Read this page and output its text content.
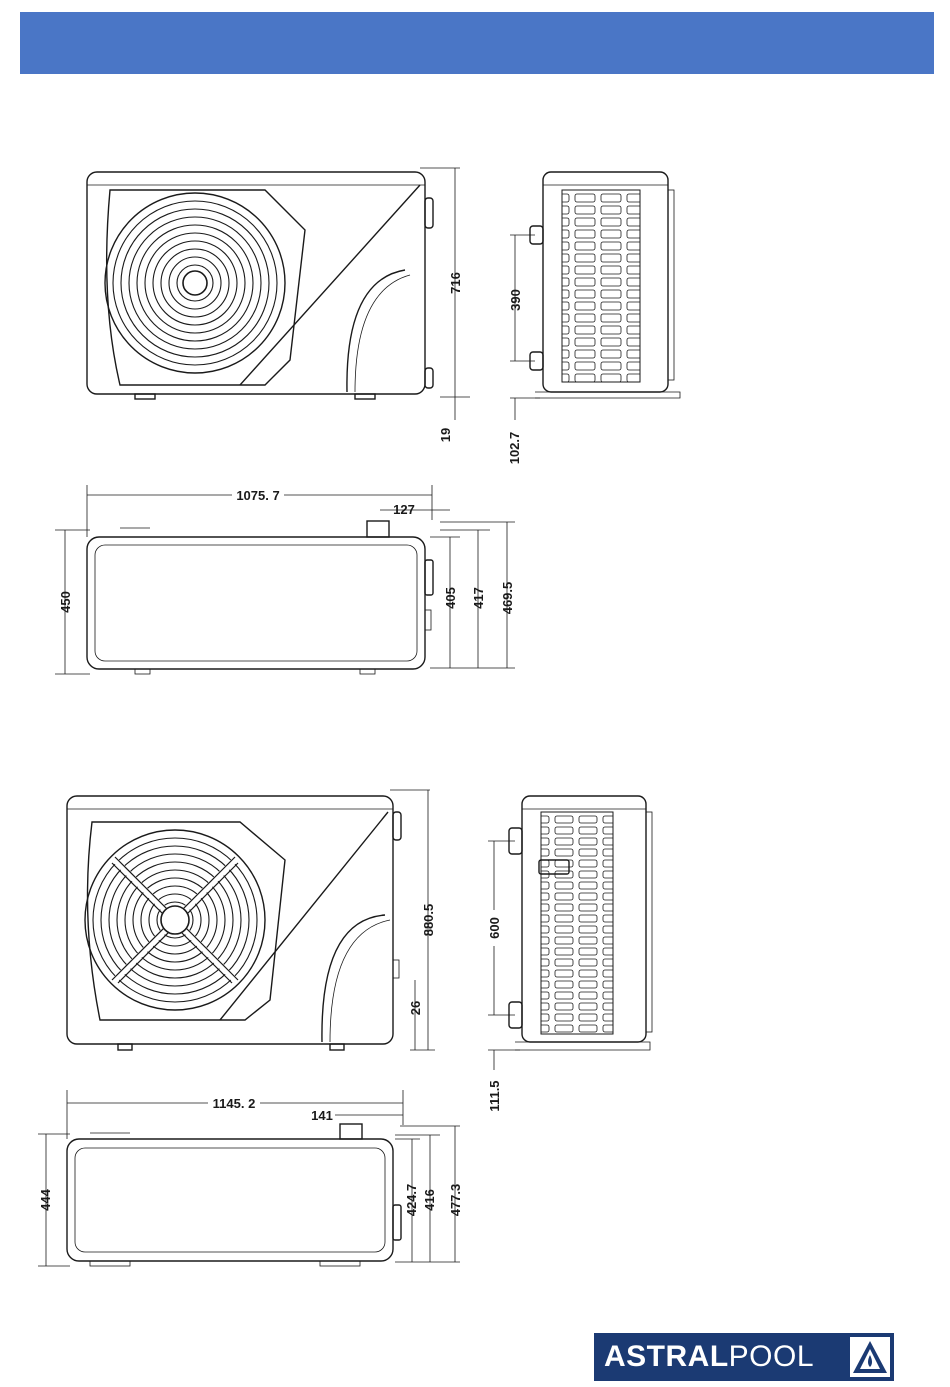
716
19
390
102.7
1075. 7
127
450	405 417 469.5
880.5
26
600
111.5
1145. 2
141
444	424.7 416 477.3
ASTRALPOOL
